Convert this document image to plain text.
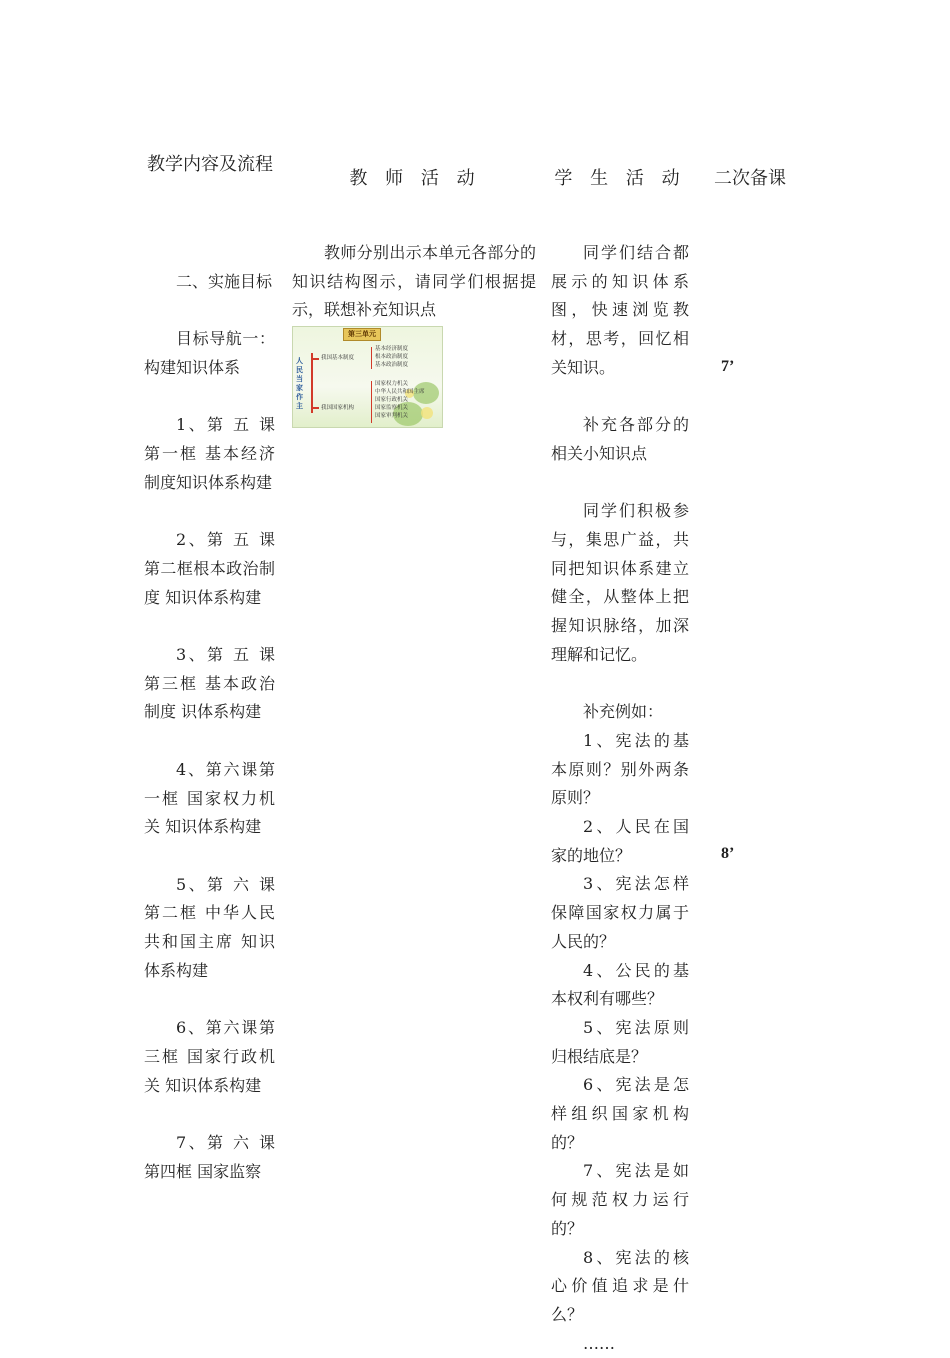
教学内容及流程
教 师 活 动	学 生 活 动	二次备课

二、实施目标

目标导航一：构建知识体系

1、第 五 课 第一框 基本经济制度知识体系构建

2、第 五 课 第二框根本政治制度 知识体系构建

3、第 五 课 第三框 基本政治制度 识体系构建

4、第六课第一框 国家权力机关 知识体系构建

5、第 六 课 第二框 中华人民共和国主席 知识体系构建

6、第六课第三框 国家行政机关 知识体系构建

7、第 六 课 第四框 国家监察

教师分别出示本单元各部分的知识结构图示，请同学们根据提示，联想补充知识点

第三单元
人民当家作主
我国基本制度
我国国家机构
基本经济制度
根本政治制度
基本政治制度
国家权力机关
中华人民共和国主席
国家行政机关
国家监察机关
国家审判机关

同学们结合都展示的知识体系图，快速浏览教材，思考，回忆相关知识。

补充各部分的相关小知识点

同学们积极参与，集思广益，共同把知识体系建立健全，从整体上把握知识脉络，加深理解和记忆。

补充例如：

1、宪法的基本原则？别外两条原则？

2、人民在国家的地位？

3、宪法怎样保障国家权力属于人民的？

4、公民的基本权利有哪些？

5、宪法原则归根结底是？

6、宪法是怎样组织国家机构的？

7、宪法是如何规范权力运行的？

8、宪法的核心价值追求是什么？

……

7’
8’
